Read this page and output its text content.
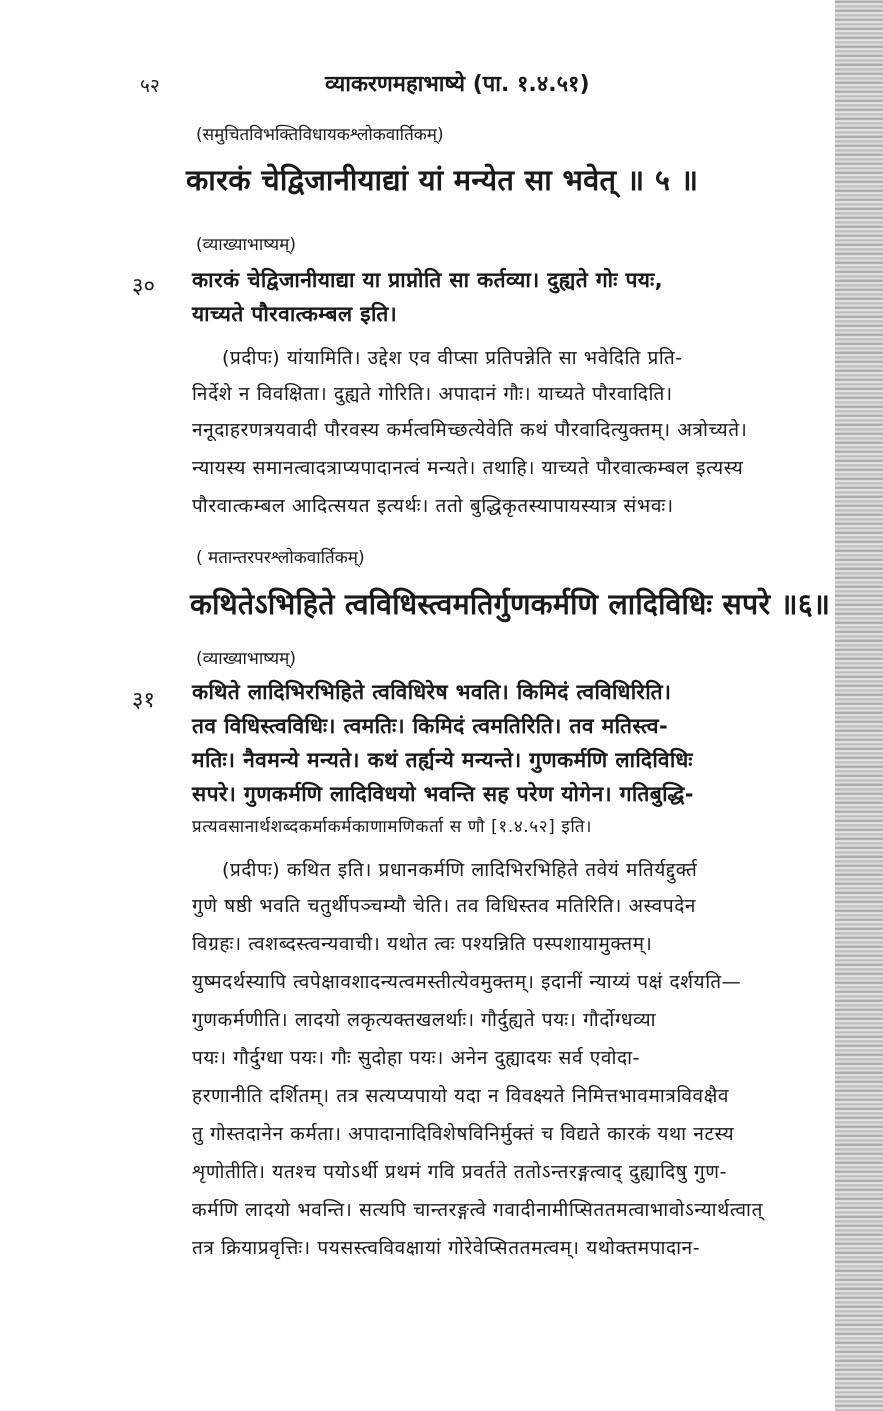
५२	व्याकरणमहाभाष्ये (पा. १.४.५१)
(समुचितविभक्तिविधायकश्लोकवार्तिकम्)
कारकं चेद्विजानीयाद्यां यां मन्येत सा भवेत् ॥ ५ ॥
(व्याख्याभाष्यम्)
३० कारकं चेद्विजानीयाद्या या प्राप्नोति सा कर्तव्या। दुह्यते गोः पयः,
याच्यते पौरवात्कम्बल इति।
(प्रदीपः) यांयामिति। उद्देश एव वीप्सा प्रतिपन्नेति सा भवेदिति प्रति-
निर्देशे न विवक्षिता। दुह्यते गोरिति। अपादानं गौः। याच्यते पौरवादिति।
ननूदाहरणत्रयवादी पौरवस्य कर्मत्वमिच्छत्येवेति कथं पौरवादित्युक्तम्। अत्रोच्यते।
न्यायस्य समानत्वादत्राप्यपादानत्वं मन्यते। तथाहि। याच्यते पौरवात्कम्बल इत्यस्य
पौरवात्कम्बल आदित्सयत इत्यर्थः। ततो बुद्धिकृतस्यापायस्यात्र संभवः।
( मतान्तरपरश्लोकवार्तिकम्)
कथितेऽभिहिते त्वविधिस्त्वमतिर्गुणकर्मणि लादिविधिः सपरे ॥६॥
(व्याख्याभाष्यम्)
३१ कथिते लादिभिरभिहिते त्वविधिरेष भवति। किमिदं त्वविधिरिति।
तव विधिस्त्वविधिः। त्वमतिः। किमिदं त्वमतिरिति। तव मतिस्त्व-
मतिः। नैवमन्ये मन्यते। कथं तर्ह्यन्ये मन्यन्ते। गुणकर्मणि लादिविधिः
सपरे। गुणकर्मणि लादिविधयो भवन्ति सह परेण योगेन। गतिबुद्धि-
प्रत्यवसानार्थशब्दकर्माकर्मकाणामणिकर्ता स णौ [१.४.५२] इति।
(प्रदीपः) कथित इति। प्रधानकर्मणि लादिभिरभिहिते तवेयं मतिर्यद्दुर्क्त
गुणे षष्ठी भवति चतुर्थीपञ्चम्यौ चेति। तव विधिस्तव मतिरिति। अस्वपदेन
विग्रहः। त्वशब्दस्त्वन्यवाची। यथोत त्वः पश्यन्निति पस्पशायामुक्तम्।
युष्मदर्थस्यापि त्वपेक्षावशादन्यत्वमस्तीत्येवमुक्तम्। इदानीं न्याय्यं पक्षं दर्शयति—
गुणकर्मणीति। लादयो लकृत्यक्तखलर्थाः। गौर्दुह्यते पयः। गौर्दोग्धव्या
पयः। गौर्दुग्धा पयः। गौः सुदोहा पयः। अनेन दुह्यादयः सर्व एवोदा-
हरणानीति दर्शितम्। तत्र सत्यप्यपायो यदा न विवक्ष्यते निमित्तभावमात्रविवक्षैव
तु गोस्तदानेन कर्मता। अपादानादिविशेषविनिर्मुक्तं च विद्यते कारकं यथा नटस्य
शृणोतीति। यतश्च पयोऽर्थी प्रथमं गवि प्रवर्तते ततोऽन्तरङ्गत्वाद् दुह्यादिषु गुण-
कर्मणि लादयो भवन्ति। सत्यपि चान्तरङ्गत्वे गवादीनामीप्सिततमत्वाभावोऽन्यार्थत्वात्
तत्र क्रियाप्रवृत्तिः। पयसस्त्वविवक्षायां गोरेवेप्सिततमत्वम्। यथोक्तमपादान-
